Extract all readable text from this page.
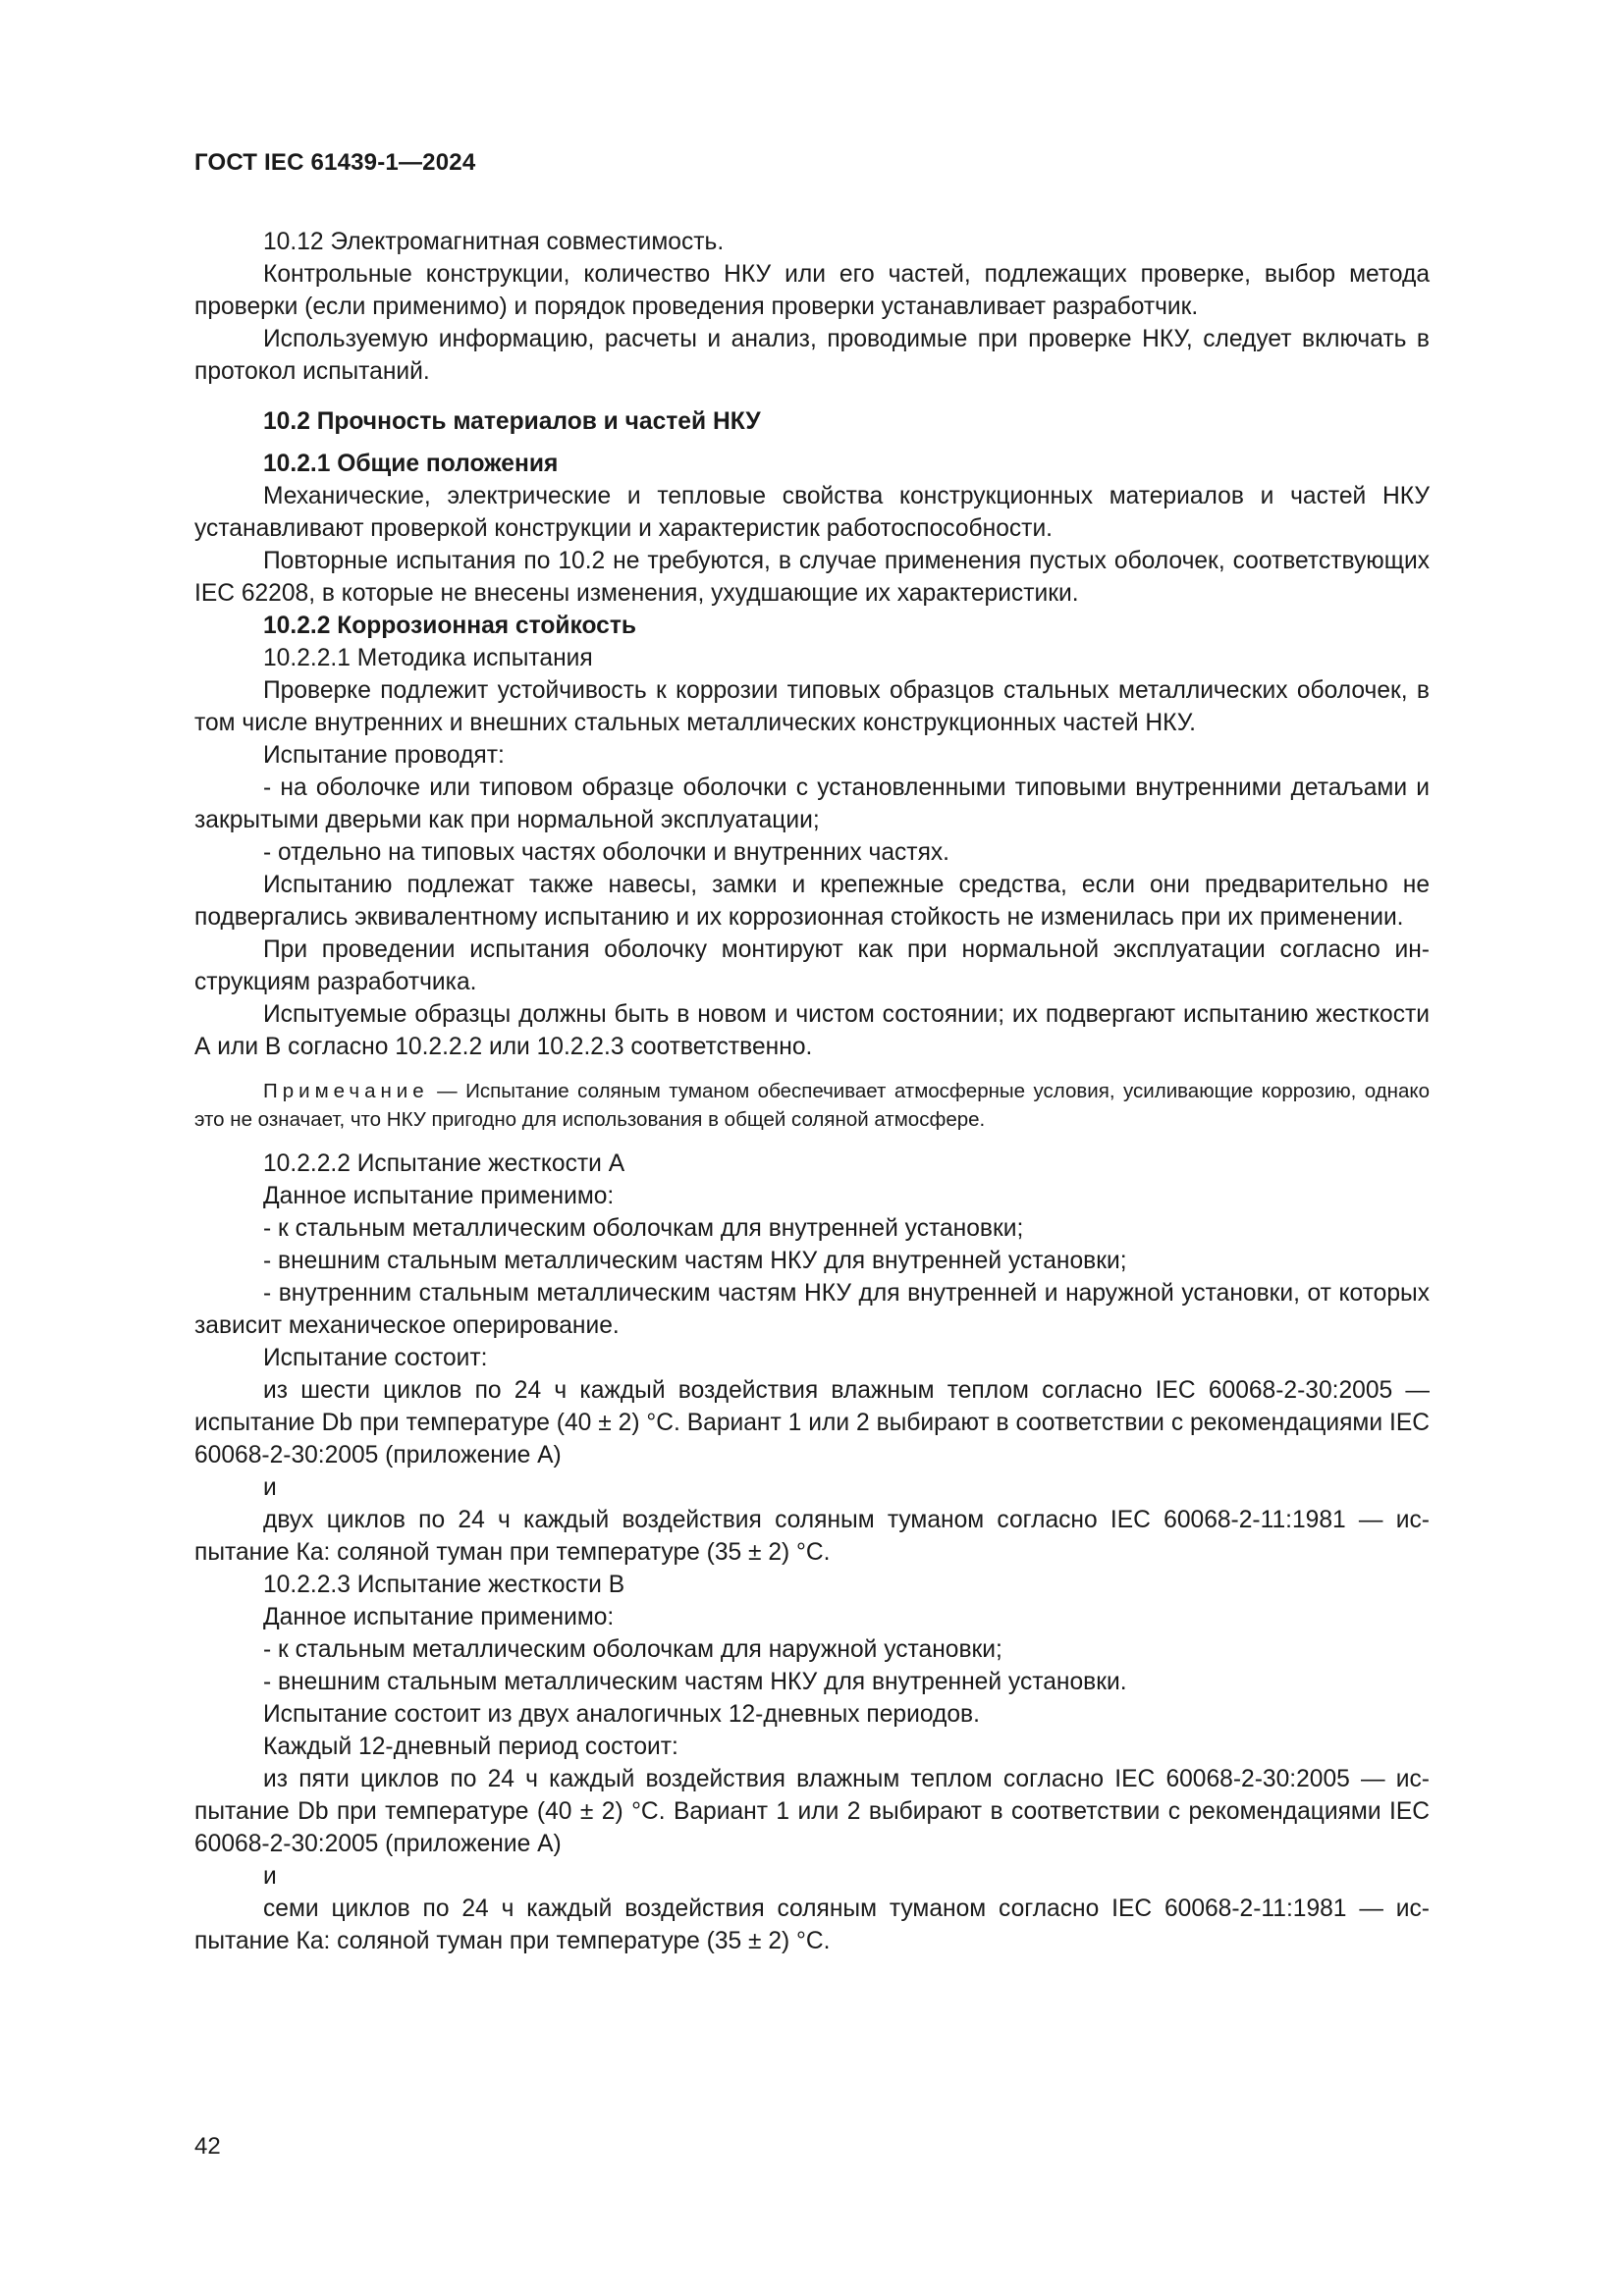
ГОСТ IEC 61439-1—2024

10.12 Электромагнитная совместимость.

Контрольные конструкции, количество НКУ или его частей, подлежащих проверке, выбор метода проверки (если применимо) и порядок проведения проверки устанавливает разработчик.

Используемую информацию, расчеты и анализ, проводимые при проверке НКУ, следует включать в протокол испытаний.

10.2 Прочность материалов и частей НКУ

10.2.1 Общие положения

Механические, электрические и тепловые свойства конструкционных материалов и частей НКУ устанавливают проверкой конструкции и характеристик работоспособности.

Повторные испытания по 10.2 не требуются, в случае применения пустых оболочек, соответствующих IEC 62208, в которые не внесены изменения, ухудшающие их характеристики.

10.2.2 Коррозионная стойкость

10.2.2.1 Методика испытания

Проверке подлежит устойчивость к коррозии типовых образцов стальных металлических оболочек, в том числе внутренних и внешних стальных металлических конструкционных частей НКУ.

Испытание проводят:

- на оболочке или типовом образце оболочки с установленными типовыми внутренними детаљами и закрытыми дверьми как при нормальной эксплуатации;

- отдельно на типовых частях оболочки и внутренних частях.

Испытанию подлежат также навесы, замки и крепежные средства, если они предварительно не подвергались эквивалентному испытанию и их коррозионная стойкость не изменилась при их применении.

При проведении испытания оболочку монтируют как при нормальной эксплуатации согласно инструкциям разработчика.

Испытуемые образцы должны быть в новом и чистом состоянии; их подвергают испытанию жесткости А или В согласно 10.2.2.2 или 10.2.2.3 соответственно.

Примечание — Испытание соляным туманом обеспечивает атмосферные условия, усиливающие коррозию, однако это не означает, что НКУ пригодно для использования в общей соляной атмосфере.

10.2.2.2 Испытание жесткости А

Данное испытание применимо:

- к стальным металлическим оболочкам для внутренней установки;

- внешним стальным металлическим частям НКУ для внутренней установки;

- внутренним стальным металлическим частям НКУ для внутренней и наружной установки, от которых зависит механическое оперирование.

Испытание состоит:

из шести циклов по 24 ч каждый воздействия влажным теплом согласно IEC 60068-2-30:2005 — испытание Db при температуре (40 ± 2) °С. Вариант 1 или 2 выбирают в соответствии с рекомендациями IEC 60068-2-30:2005 (приложение А)

и

двух циклов по 24 ч каждый воздействия соляным туманом согласно IEC 60068-2-11:1981 — испытание Ка: соляной туман при температуре (35 ± 2) °С.

10.2.2.3 Испытание жесткости В

Данное испытание применимо:

- к стальным металлическим оболочкам для наружной установки;

- внешним стальным металлическим частям НКУ для внутренней установки.

Испытание состоит из двух аналогичных 12-дневных периодов.

Каждый 12-дневный период состоит:

из пяти циклов по 24 ч каждый воздействия влажным теплом согласно IEC 60068-2-30:2005 — испытание Db при температуре (40 ± 2) °С. Вариант 1 или 2 выбирают в соответствии с рекомендациями IEC 60068-2-30:2005 (приложение А)

и

семи циклов по 24 ч каждый воздействия соляным туманом согласно IEC 60068-2-11:1981 — испытание Ка: соляной туман при температуре (35 ± 2) °С.

42
